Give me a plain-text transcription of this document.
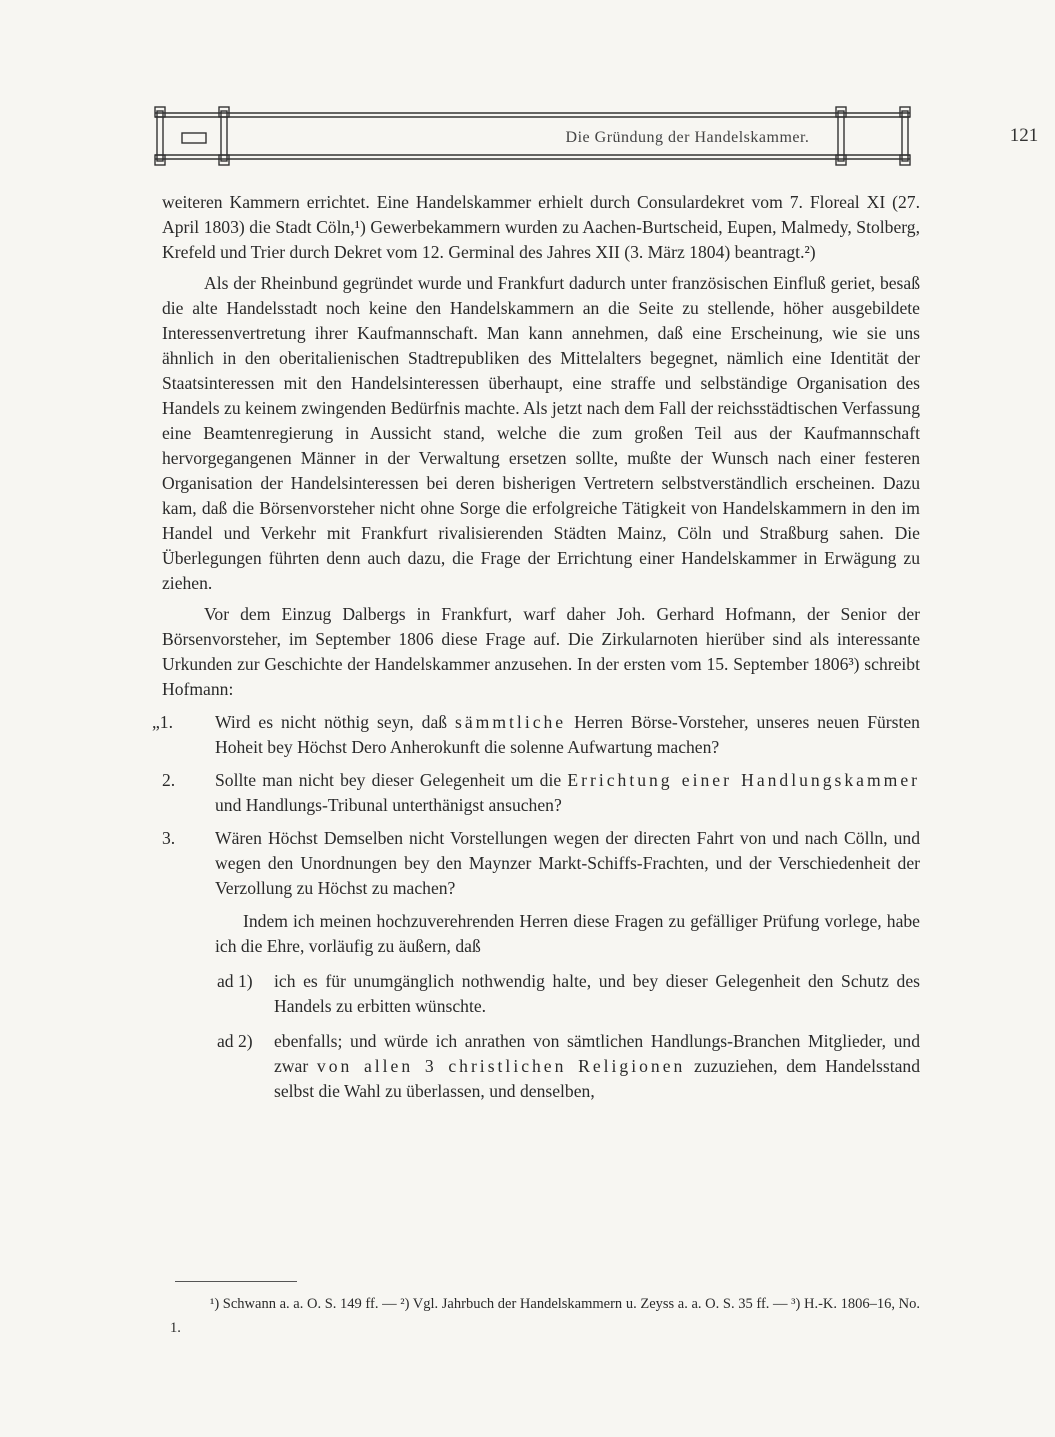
Die Gründung der Handelskammer.	121

weiteren Kammern errichtet. Eine Handelskammer erhielt durch Consulardekret vom 7. Floreal XI (27. April 1803) die Stadt Cöln,¹) Gewerbekammern wurden zu Aachen-Burtscheid, Eupen, Malmedy, Stolberg, Krefeld und Trier durch Dekret vom 12. Germinal des Jahres XII (3. März 1804) beantragt.²)

Als der Rheinbund gegründet wurde und Frankfurt dadurch unter französischen Einfluß geriet, besaß die alte Handelsstadt noch keine den Handelskammern an die Seite zu stellende, höher ausgebildete Interessenvertretung ihrer Kaufmannschaft. Man kann annehmen, daß eine Erscheinung, wie sie uns ähnlich in den oberitalienischen Stadtrepubliken des Mittelalters begegnet, nämlich eine Identität der Staatsinteressen mit den Handelsinteressen überhaupt, eine straffe und selbständige Organisation des Handels zu keinem zwingenden Bedürfnis machte. Als jetzt nach dem Fall der reichsstädtischen Verfassung eine Beamtenregierung in Aussicht stand, welche die zum großen Teil aus der Kaufmannschaft hervorgegangenen Männer in der Verwaltung ersetzen sollte, mußte der Wunsch nach einer festeren Organisation der Handelsinteressen bei deren bisherigen Vertretern selbstverständlich erscheinen. Dazu kam, daß die Börsenvorsteher nicht ohne Sorge die erfolgreiche Tätigkeit von Handelskammern in den im Handel und Verkehr mit Frankfurt rivalisierenden Städten Mainz, Cöln und Straßburg sahen. Die Überlegungen führten denn auch dazu, die Frage der Errichtung einer Handelskammer in Erwägung zu ziehen.

Vor dem Einzug Dalbergs in Frankfurt, warf daher Joh. Gerhard Hofmann, der Senior der Börsenvorsteher, im September 1806 diese Frage auf. Die Zirkularnoten hierüber sind als interessante Urkunden zur Geschichte der Handelskammer anzusehen. In der ersten vom 15. September 1806³) schreibt Hofmann:

„1.	Wird es nicht nöthig seyn, daß sämmtliche Herren Börse-Vorsteher, unseres neuen Fürsten Hoheit bey Höchst Dero Anherokunft die solenne Aufwartung machen?

2.	Sollte man nicht bey dieser Gelegenheit um die Errichtung einer Handlungskammer und Handlungs-Tribunal unterthänigst ansuchen?

3.	Wären Höchst Demselben nicht Vorstellungen wegen der directen Fahrt von und nach Cölln, und wegen den Unordnungen bey den Maynzer Markt-Schiffs-Frachten, und der Verschiedenheit der Verzollung zu Höchst zu machen?

Indem ich meinen hochzuverehrenden Herren diese Fragen zu gefälliger Prüfung vorlege, habe ich die Ehre, vorläufig zu äußern, daß

ad 1) ich es für unumgänglich nothwendig halte, und bey dieser Gelegenheit den Schutz des Handels zu erbitten wünschte.

ad 2) ebenfalls; und würde ich anrathen von sämtlichen Handlungs-Branchen Mitglieder, und zwar von allen 3 christlichen Religionen zuzuziehen, dem Handelsstand selbst die Wahl zu überlassen, und denselben,

¹) Schwann a. a. O. S. 149 ff. — ²) Vgl. Jahrbuch der Handelskammern u. Zeyss a. a. O. S. 35 ff. — ³) H.-K. 1806–16, No. 1.
